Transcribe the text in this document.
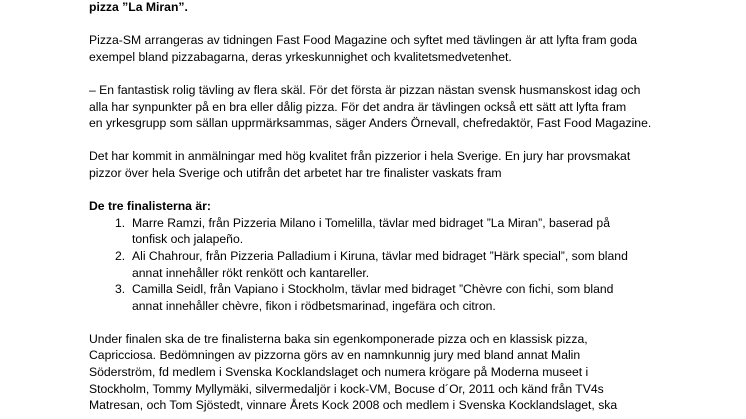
pizza ”La Miran”.
Pizza-SM arrangeras av tidningen Fast Food Magazine och syftet med tävlingen är att lyfta fram goda
exempel bland pizzabagarna, deras yrkeskunnighet och kvalitetsmedvetenhet.
– En fantastisk rolig tävling av flera skäl. För det första är pizzan nästan svensk husmanskost idag och
alla har synpunkter på en bra eller dålig pizza. För det andra är tävlingen också ett sätt att lyfta fram
en yrkesgrupp som sällan upprmärksammas, säger Anders Örnevall, chefredaktör, Fast Food Magazine.
Det har kommit in anmälningar med hög kvalitet från pizzerior i hela Sverige. En jury har provsmakat
pizzor över hela Sverige och utifrån det arbetet har tre finalister vaskats fram
De tre finalisterna är:
1. Marre Ramzi, från Pizzeria Milano i Tomelilla, tävlar med bidraget ”La Miran”, baserad på
tonfisk och jalapeño.
2. Ali Chahrour, från Pizzeria Palladium i Kiruna, tävlar med bidraget ”Härk special”, som bland
annat innehåller rökt renkött och kantareller.
3. Camilla Seidl, från Vapiano i Stockholm, tävlar med bidraget ”Chèvre con fichi, som bland
annat innehåller chèvre, fikon i rödbetsmarinad, ingefära och citron.
Under finalen ska de tre finalisterna baka sin egenkomponerade pizza och en klassisk pizza,
Capricciosa. Bedömningen av pizzorna görs av en namnkunnig jury med bland annat Malin
Söderström, fd medlem i Svenska Kocklandslaget och numera krögare på Moderna museet i
Stockholm, Tommy Myllymäki, silvermedaljör i kock-VM, Bocuse d´Or, 2011 och känd från TV4s
Matresan, och Tom Sjöstedt, vinnare Årets Kock 2008 och medlem i Svenska Kocklandslaget, ska
